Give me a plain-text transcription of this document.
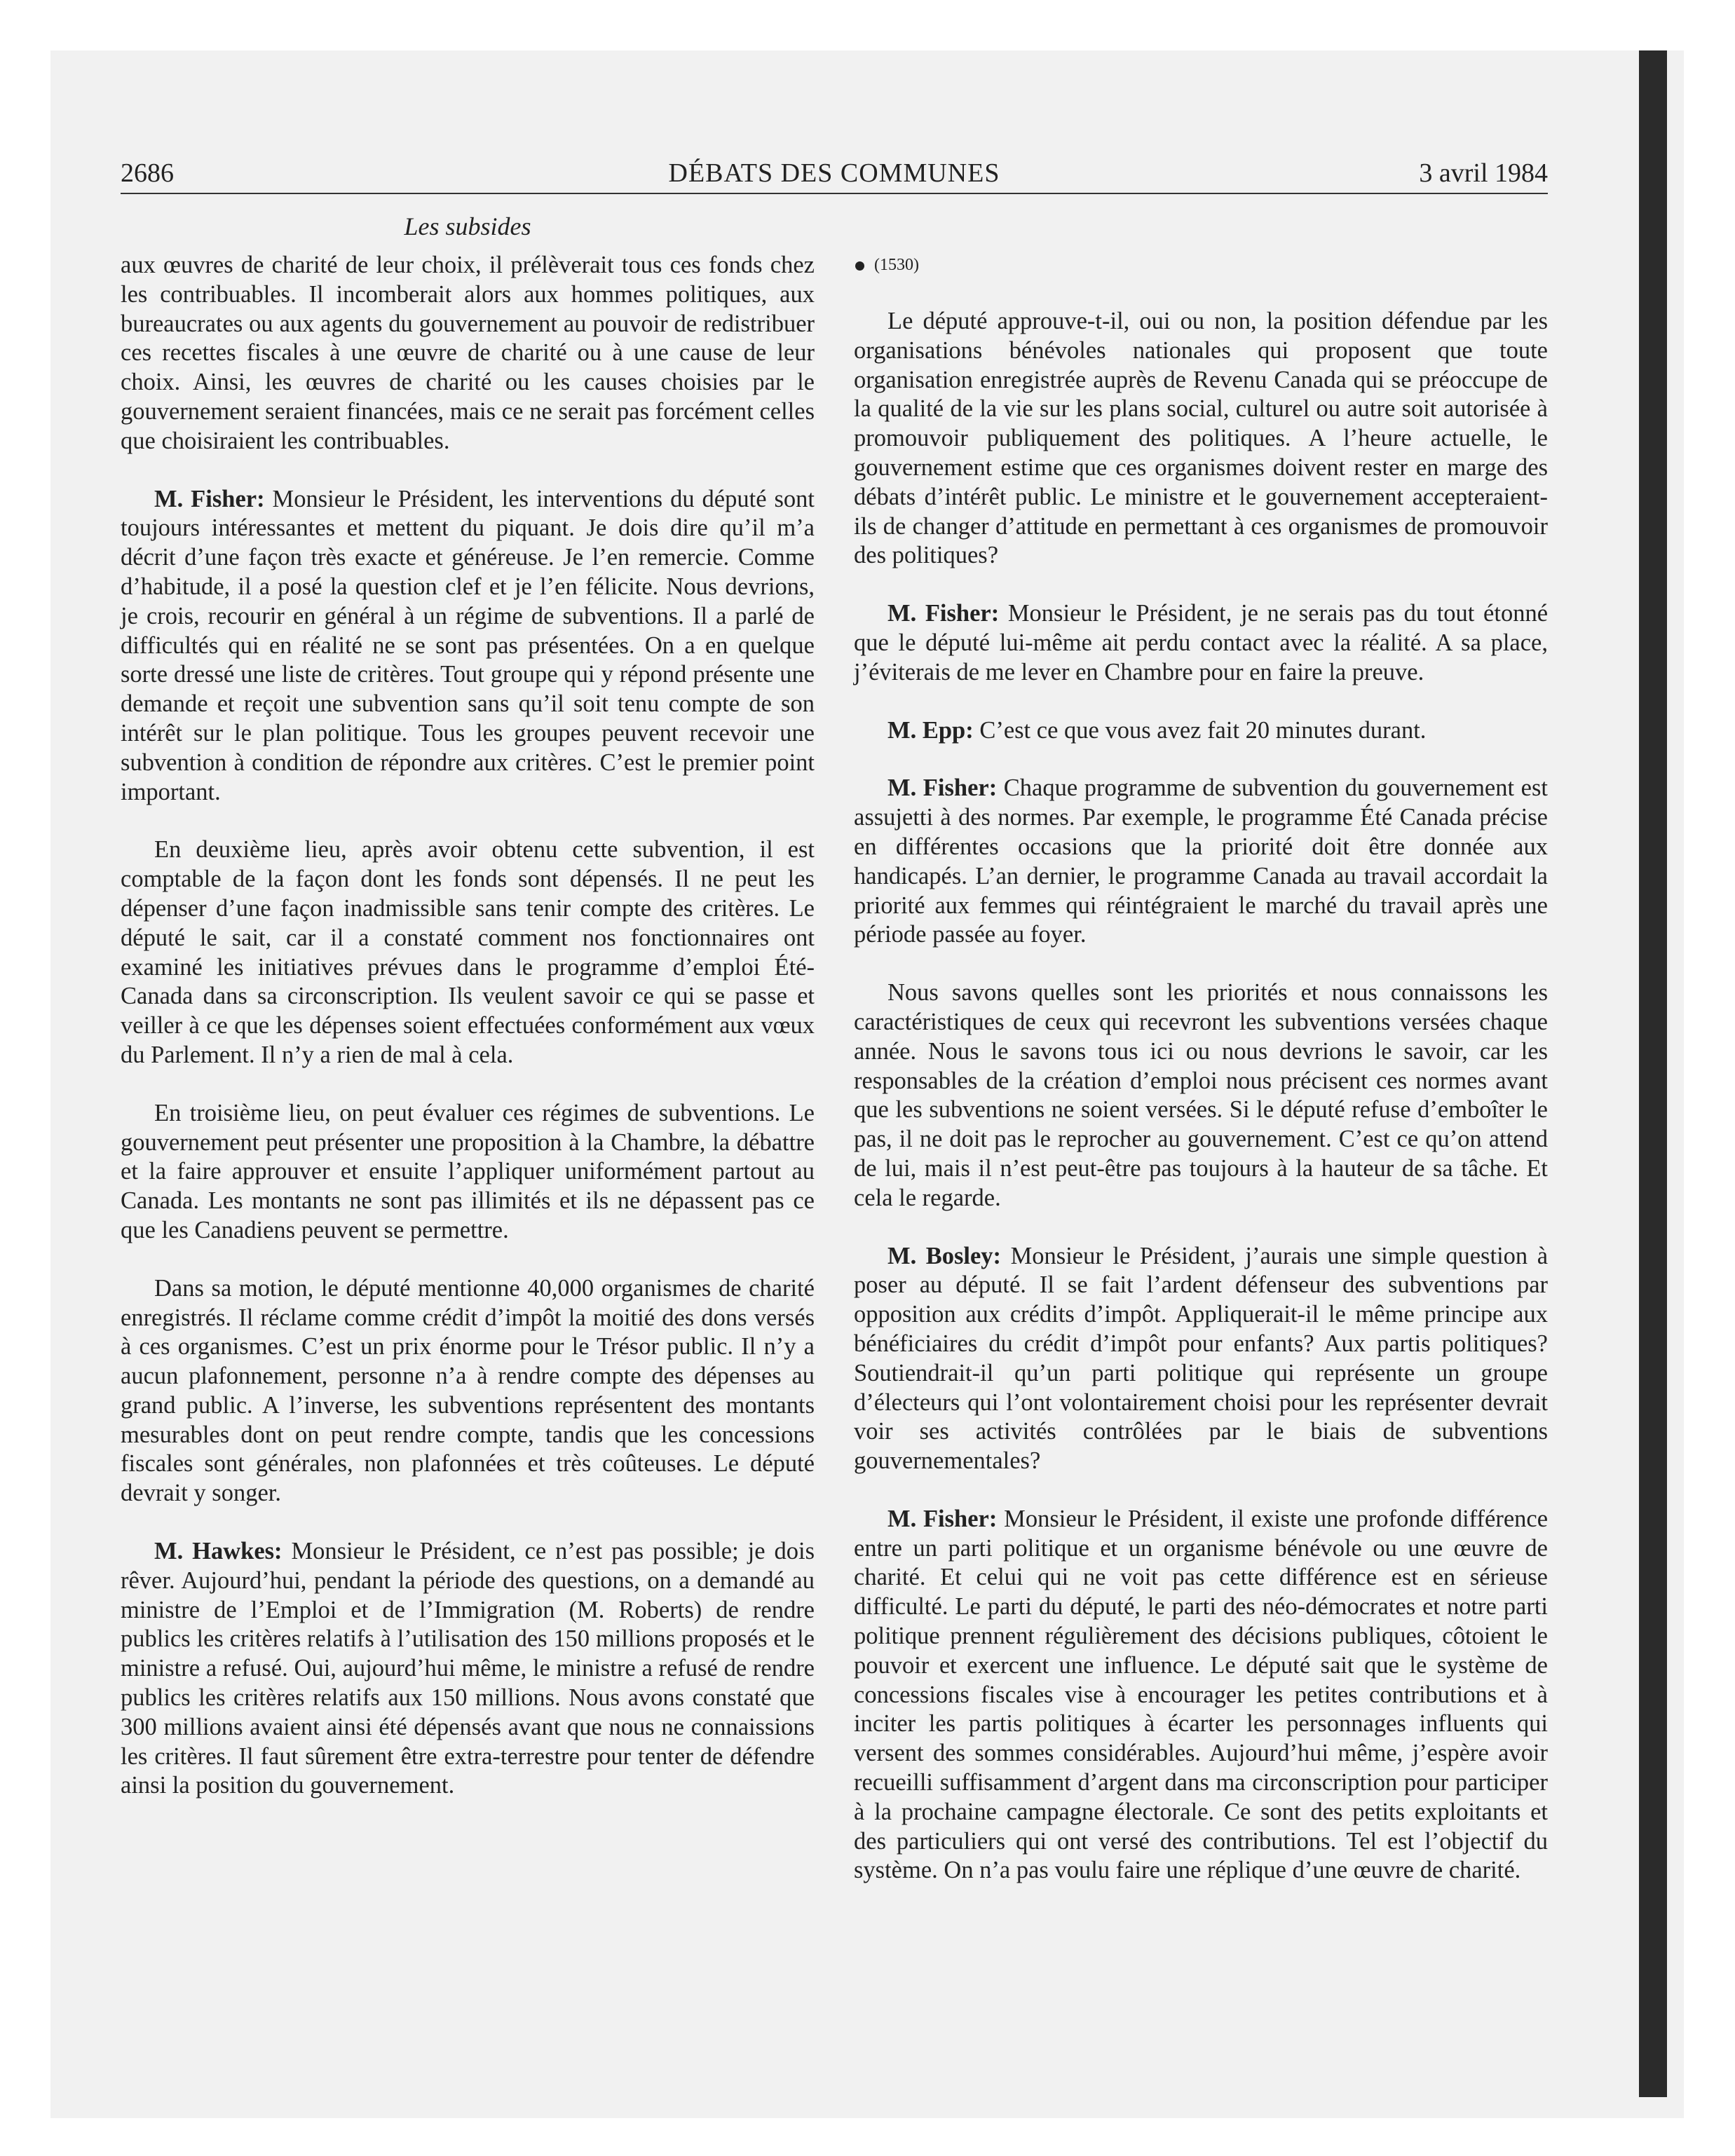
2686	DÉBATS DES COMMUNES	3 avril 1984
Les subsides

aux œuvres de charité de leur choix, il prélèverait tous ces fonds chez les contribuables. Il incomberait alors aux hommes politiques, aux bureaucrates ou aux agents du gouvernement au pouvoir de redistribuer ces recettes fiscales à une œuvre de charité ou à une cause de leur choix. Ainsi, les œuvres de charité ou les causes choisies par le gouvernement seraient financées, mais ce ne serait pas forcément celles que choisiraient les contribuables.

M. Fisher: Monsieur le Président, les interventions du député sont toujours intéressantes et mettent du piquant. Je dois dire qu’il m’a décrit d’une façon très exacte et généreuse. Je l’en remercie. Comme d’habitude, il a posé la question clef et je l’en félicite. Nous devrions, je crois, recourir en général à un régime de subventions. Il a parlé de difficultés qui en réalité ne se sont pas présentées. On a en quelque sorte dressé une liste de critères. Tout groupe qui y répond présente une demande et reçoit une subvention sans qu’il soit tenu compte de son intérêt sur le plan politique. Tous les groupes peuvent recevoir une subvention à condition de répondre aux critères. C’est le premier point important.

En deuxième lieu, après avoir obtenu cette subvention, il est comptable de la façon dont les fonds sont dépensés. Il ne peut les dépenser d’une façon inadmissible sans tenir compte des critères. Le député le sait, car il a constaté comment nos fonctionnaires ont examiné les initiatives prévues dans le programme d’emploi Été-Canada dans sa circonscription. Ils veulent savoir ce qui se passe et veiller à ce que les dépenses soient effectuées conformément aux vœux du Parlement. Il n’y a rien de mal à cela.

En troisième lieu, on peut évaluer ces régimes de subventions. Le gouvernement peut présenter une proposition à la Chambre, la débattre et la faire approuver et ensuite l’appliquer uniformément partout au Canada. Les montants ne sont pas illimités et ils ne dépassent pas ce que les Canadiens peuvent se permettre.

Dans sa motion, le député mentionne 40,000 organismes de charité enregistrés. Il réclame comme crédit d’impôt la moitié des dons versés à ces organismes. C’est un prix énorme pour le Trésor public. Il n’y a aucun plafonnement, personne n’a à rendre compte des dépenses au grand public. A l’inverse, les subventions représentent des montants mesurables dont on peut rendre compte, tandis que les concessions fiscales sont générales, non plafonnées et très coûteuses. Le député devrait y songer.

M. Hawkes: Monsieur le Président, ce n’est pas possible; je dois rêver. Aujourd’hui, pendant la période des questions, on a demandé au ministre de l’Emploi et de l’Immigration (M. Roberts) de rendre publics les critères relatifs à l’utilisation des 150 millions proposés et le ministre a refusé. Oui, aujourd’hui même, le ministre a refusé de rendre publics les critères relatifs aux 150 millions. Nous avons constaté que 300 millions avaient ainsi été dépensés avant que nous ne connaissions les critères. Il faut sûrement être extra-terrestre pour tenter de défendre ainsi la position du gouvernement.

(1530)

Le député approuve-t-il, oui ou non, la position défendue par les organisations bénévoles nationales qui proposent que toute organisation enregistrée auprès de Revenu Canada qui se préoccupe de la qualité de la vie sur les plans social, culturel ou autre soit autorisée à promouvoir publiquement des politiques. A l’heure actuelle, le gouvernement estime que ces organismes doivent rester en marge des débats d’intérêt public. Le ministre et le gouvernement accepteraient-ils de changer d’attitude en permettant à ces organismes de promouvoir des politiques?

M. Fisher: Monsieur le Président, je ne serais pas du tout étonné que le député lui-même ait perdu contact avec la réalité. A sa place, j’éviterais de me lever en Chambre pour en faire la preuve.

M. Epp: C’est ce que vous avez fait 20 minutes durant.

M. Fisher: Chaque programme de subvention du gouvernement est assujetti à des normes. Par exemple, le programme Été Canada précise en différentes occasions que la priorité doit être donnée aux handicapés. L’an dernier, le programme Canada au travail accordait la priorité aux femmes qui réintégraient le marché du travail après une période passée au foyer.

Nous savons quelles sont les priorités et nous connaissons les caractéristiques de ceux qui recevront les subventions versées chaque année. Nous le savons tous ici ou nous devrions le savoir, car les responsables de la création d’emploi nous précisent ces normes avant que les subventions ne soient versées. Si le député refuse d’emboîter le pas, il ne doit pas le reprocher au gouvernement. C’est ce qu’on attend de lui, mais il n’est peut-être pas toujours à la hauteur de sa tâche. Et cela le regarde.

M. Bosley: Monsieur le Président, j’aurais une simple question à poser au député. Il se fait l’ardent défenseur des subventions par opposition aux crédits d’impôt. Appliquerait-il le même principe aux bénéficiaires du crédit d’impôt pour enfants? Aux partis politiques? Soutiendrait-il qu’un parti politique qui représente un groupe d’électeurs qui l’ont volontairement choisi pour les représenter devrait voir ses activités contrôlées par le biais de subventions gouvernementales?

M. Fisher: Monsieur le Président, il existe une profonde différence entre un parti politique et un organisme bénévole ou une œuvre de charité. Et celui qui ne voit pas cette différence est en sérieuse difficulté. Le parti du député, le parti des néo-démocrates et notre parti politique prennent régulièrement des décisions publiques, côtoient le pouvoir et exercent une influence. Le député sait que le système de concessions fiscales vise à encourager les petites contributions et à inciter les partis politiques à écarter les personnages influents qui versent des sommes considérables. Aujourd’hui même, j’espère avoir recueilli suffisamment d’argent dans ma circonscription pour participer à la prochaine campagne électorale. Ce sont des petits exploitants et des particuliers qui ont versé des contributions. Tel est l’objectif du système. On n’a pas voulu faire une réplique d’une œuvre de charité.
